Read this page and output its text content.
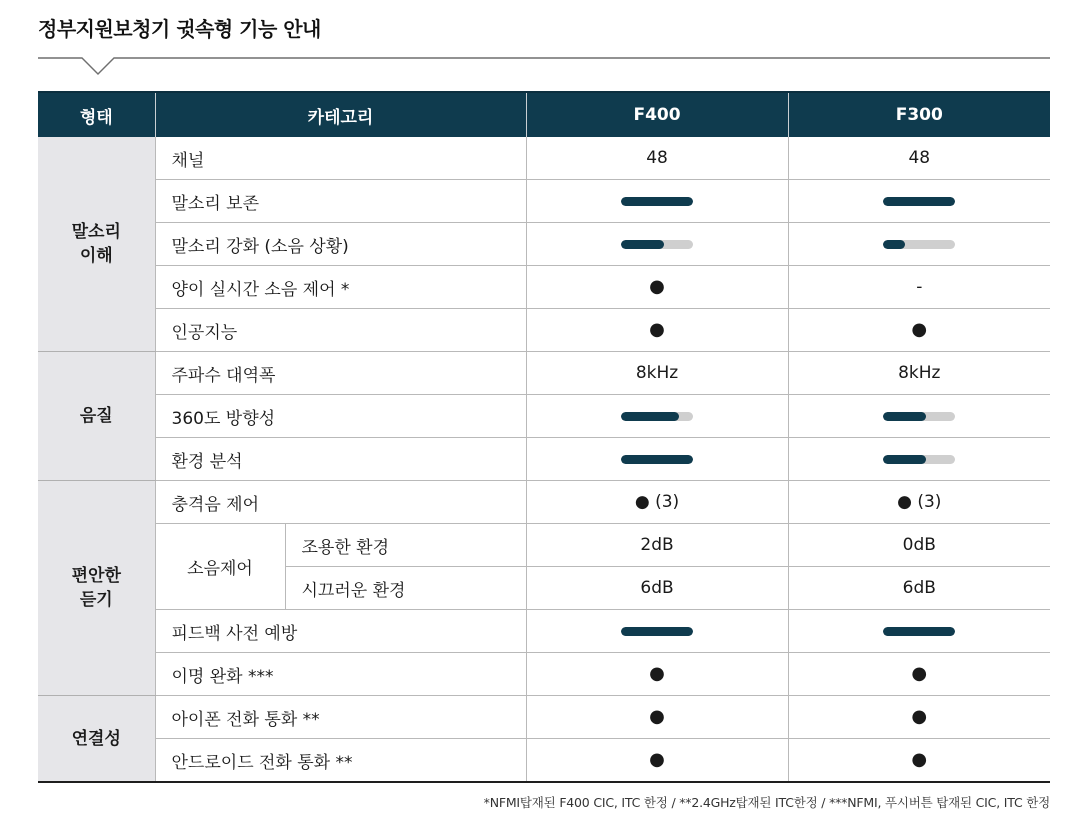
정부지원보청기 귓속형 기능 안내
형태	카테고리		F400	F300
말소리
이해	채널		48	48
	말소리 보존		

	말소리 강화 (소음 상황)		

	양이 실시간 소음 제어 *		●	-
	인공지능		●	●
음질	주파수 대역폭		8kHz	8kHz
	360도 방향성		

	환경 분석		

편안한
듣기	충격음 제어		● (3)	● (3)
	소음제어	조용한 환경	2dB	0dB
		시끄러운 환경	6dB	6dB
	피드백 사전 예방		

	이명 완화 ***		●	●
연결성	아이폰 전화 통화 **		●	●
	안드로이드 전화 통화 **		●	●
*NFMI탑재된 F400 CIC, ITC 한정 / **2.4GHz탑재된 ITC한정 / ***NFMI, 푸시버튼 탑재된 CIC, ITC 한정
